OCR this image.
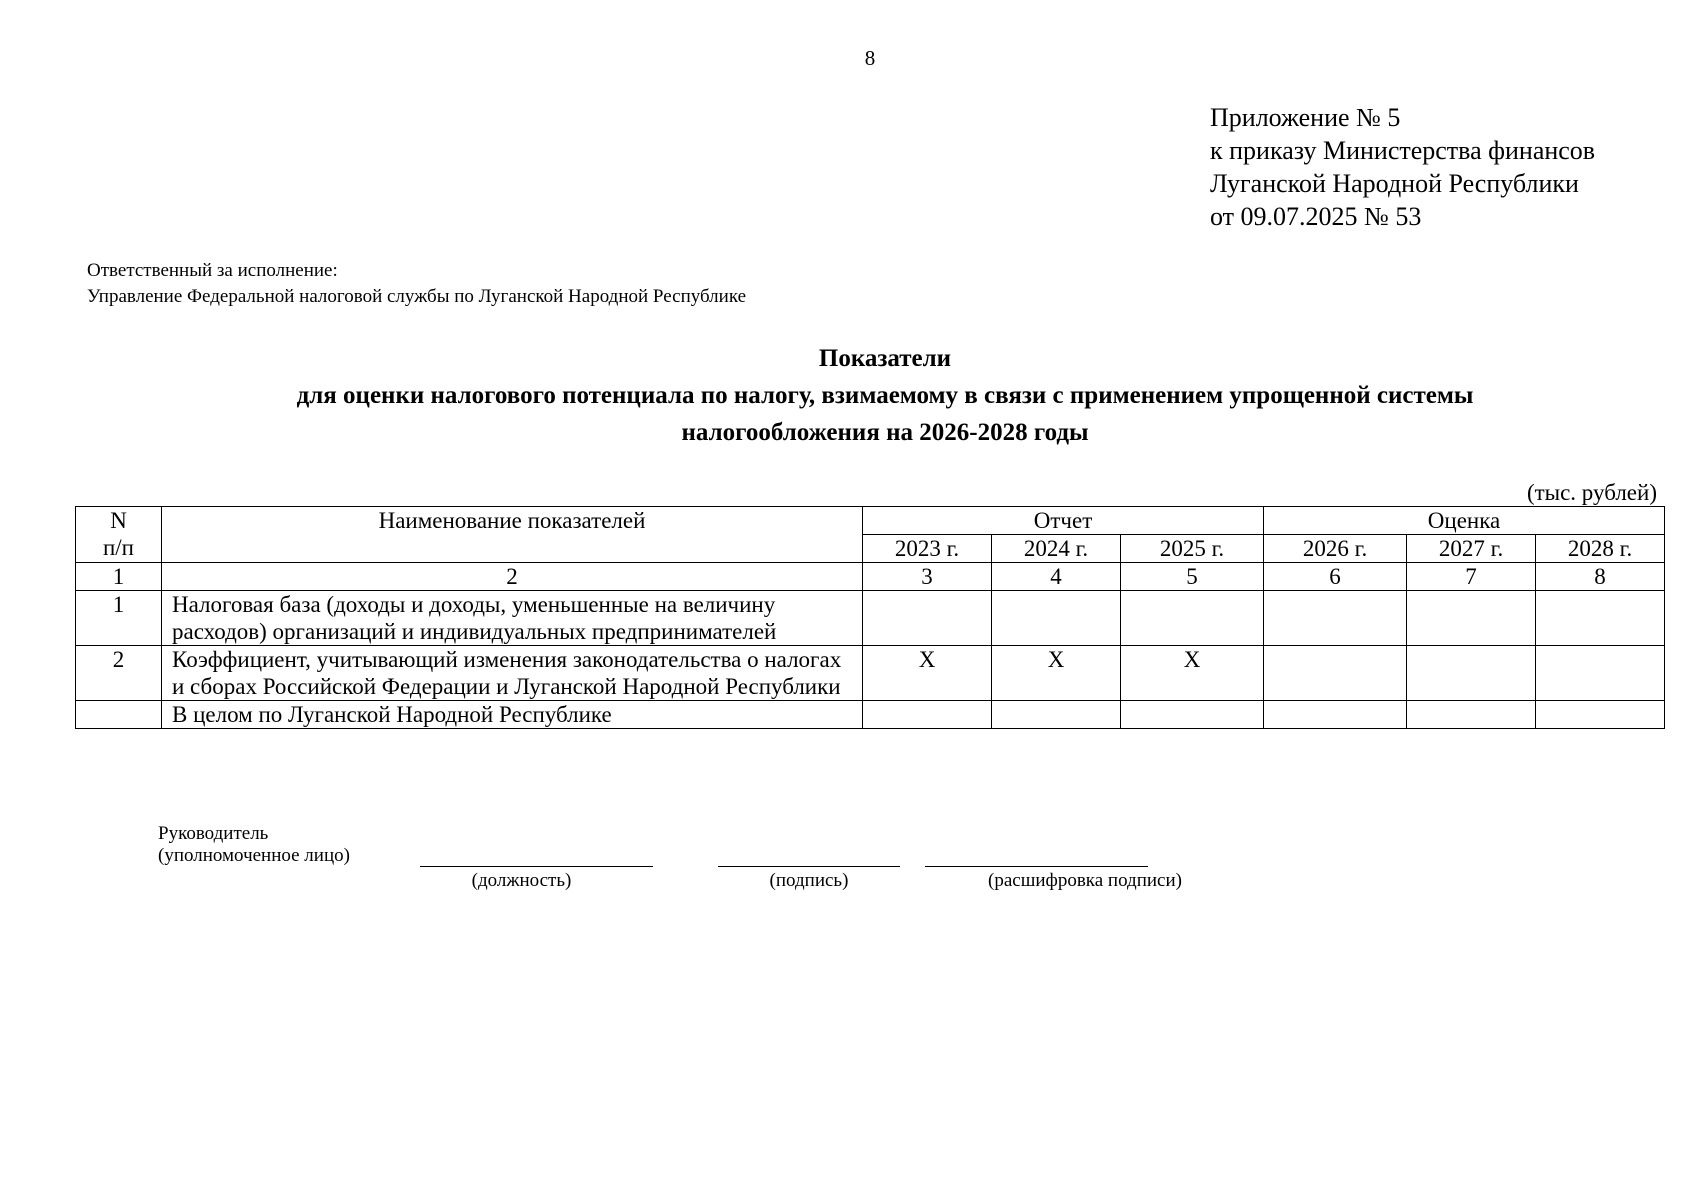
8
Приложение № 5
к приказу Министерства финансов
Луганской Народной Республики
от 09.07.2025 № 53
Ответственный за исполнение:
Управление Федеральной налоговой службы по Луганской Народной Республике
Показатели
для оценки налогового потенциала по налогу, взимаемому в связи с применением упрощенной системы
налогообложения на 2026-2028 годы
(тыс. рублей)
N
п/п	Наименование показателей	Отчет			Оценка		
		2023 г.	2024 г.	2025 г.	2026 г.	2027 г.	2028 г.
1	2	3	4	5	6	7	8
1	Налоговая база (доходы и доходы, уменьшенные на величину расходов) организаций и индивидуальных предпринимателей						
2	Коэффициент, учитывающий изменения законодательства о налогах и сборах Российской Федерации и Луганской Народной Республики	Х	Х	Х			
	В целом по Луганской Народной Республике						
Руководитель
(уполномоченное лицо)
(должность)	(подпись)	(расшифровка подписи)
